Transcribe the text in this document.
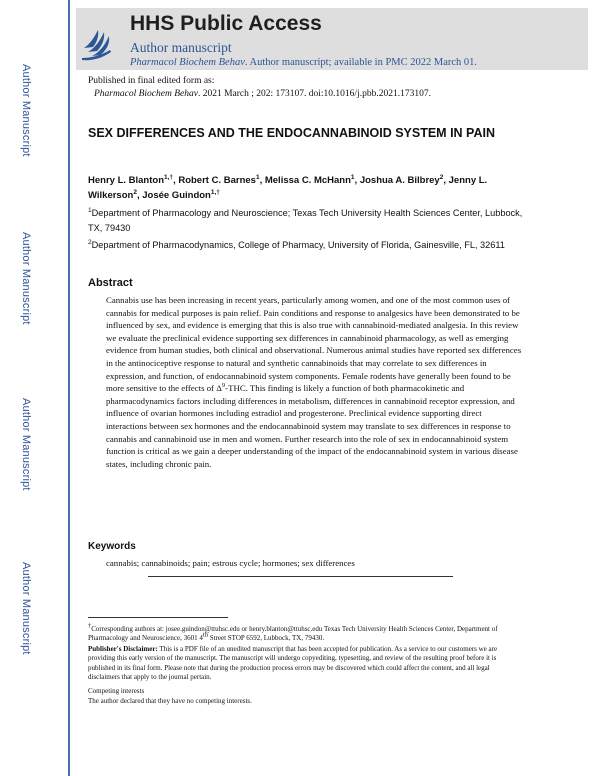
Author Manuscript
Author Manuscript
Author Manuscript
Author Manuscript
HHS Public Access
Author manuscript
Pharmacol Biochem Behav. Author manuscript; available in PMC 2022 March 01.
Published in final edited form as:
Pharmacol Biochem Behav. 2021 March ; 202: 173107. doi:10.1016/j.pbb.2021.173107.
SEX DIFFERENCES AND THE ENDOCANNABINOID SYSTEM IN PAIN
Henry L. Blanton$^{1,\dagger}$, Robert C. Barnes$^1$, Melissa C. McHann$^1$, Joshua A. Bilbrey$^2$, Jenny L. Wilkerson$^2$, Josée Guindon$^{1,\dagger}$
$^1$Department of Pharmacology and Neuroscience; Texas Tech University Health Sciences Center, Lubbock, TX, 79430
$^2$Department of Pharmacodynamics, College of Pharmacy, University of Florida, Gainesville, FL, 32611
Abstract
Cannabis use has been increasing in recent years, particularly among women, and one of the most common uses of cannabis for medical purposes is pain relief. Pain conditions and response to analgesics have been demonstrated to be influenced by sex, and evidence is emerging that this is also true with cannabinoid-mediated analgesia. In this review we evaluate the preclinical evidence supporting sex differences in cannabinoid pharmacology, as well as emerging evidence from human studies, both clinical and observational. Numerous animal studies have reported sex differences in the antinociceptive response to natural and synthetic cannabinoids that may correlate to sex differences in expression, and function, of endocannabinoid system components. Female rodents have generally been found to be more sensitive to the effects of $\Delta^9$-THC. This finding is likely a function of both pharmacokinetic and pharmacodynamics factors including differences in metabolism, differences in cannabinoid receptor expression, and influence of ovarian hormones including estradiol and progesterone. Preclinical evidence supporting direct interactions between sex hormones and the endocannabinoid system may translate to sex differences in response to cannabis and cannabinoid use in men and women. Further research into the role of sex in endocannabinoid system function is critical as we gain a deeper understanding of the impact of the endocannabinoid system in various disease states, including chronic pain.
Keywords
cannabis; cannabinoids; pain; estrous cycle; hormones; sex differences
†Corresponding authors at: josee.guindon@ttuhsc.edu or henry.blanton@ttuhsc.edu Texas Tech University Health Sciences Center, Department of Pharmacology and Neuroscience, 3601 4th Street STOP 6592, Lubbock, TX, 79430.
Publisher's Disclaimer: This is a PDF file of an unedited manuscript that has been accepted for publication. As a service to our customers we are providing this early version of the manuscript. The manuscript will undergo copyediting, typesetting, and review of the resulting proof before it is published in its final form. Please note that during the production process errors may be discovered which could affect the content, and all legal disclaimers that apply to the journal pertain.
Competing interests
The author declared that they have no competing interests.
